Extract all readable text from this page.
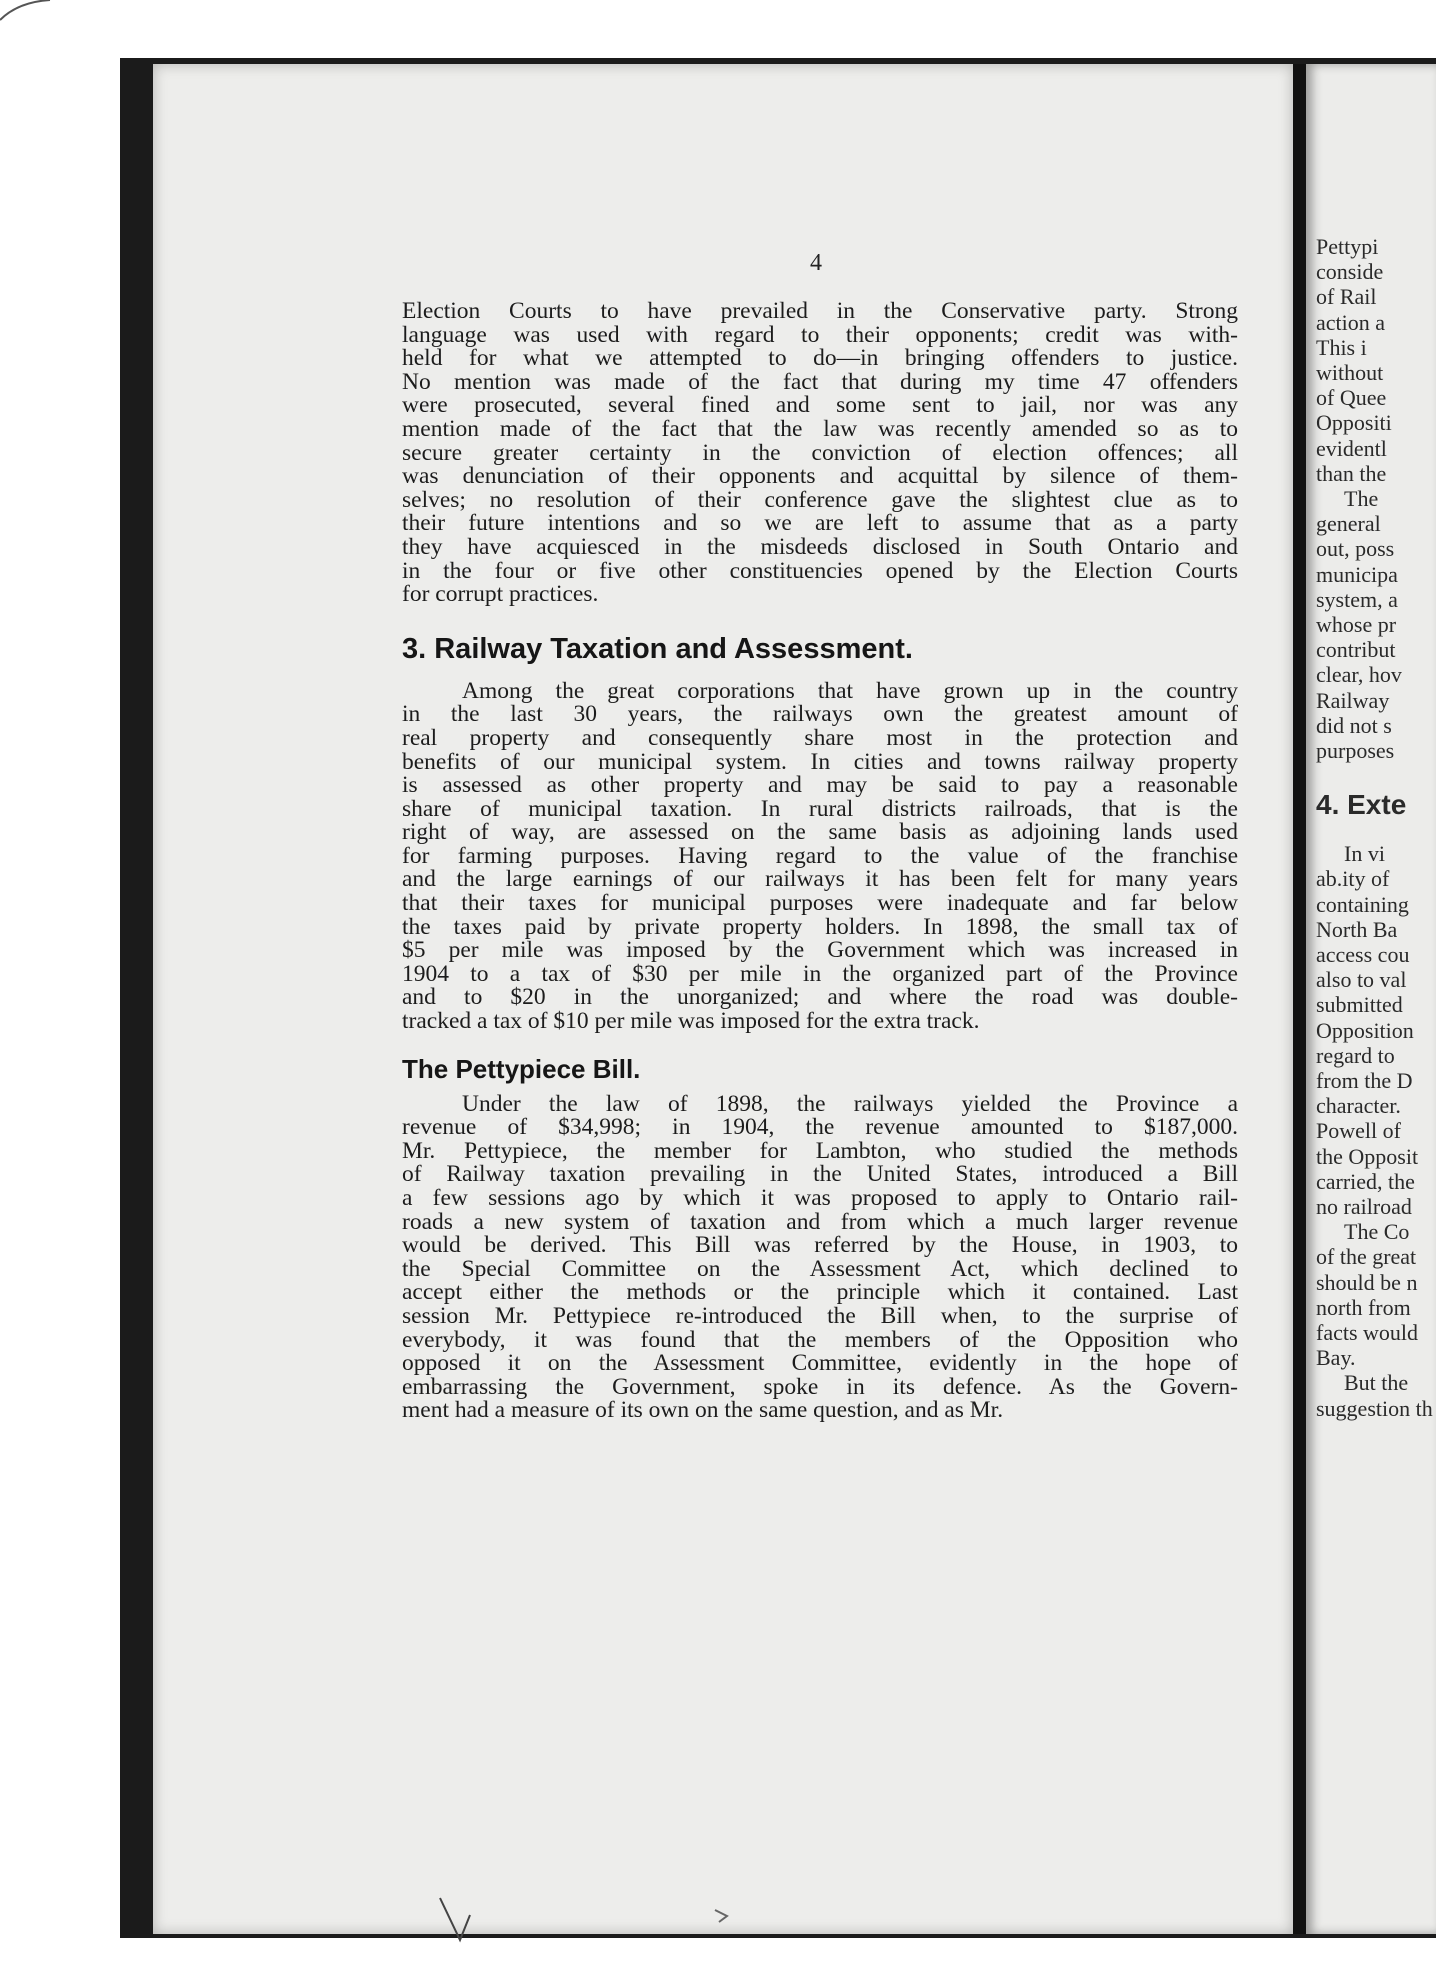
4
Election Courts to have prevailed in the Conservative party. Strong
language was used with regard to their opponents; credit was with-
held for what we attempted to do—in bringing offenders to justice.
No mention was made of the fact that during my time 47 offenders
were prosecuted, several fined and some sent to jail, nor was any
mention made of the fact that the law was recently amended so as to
secure greater certainty in the conviction of election offences; all
was denunciation of their opponents and acquittal by silence of them-
selves; no resolution of their conference gave the slightest clue as to
their future intentions and so we are left to assume that as a party
they have acquiesced in the misdeeds disclosed in South Ontario and
in the four or five other constituencies opened by the Election Courts
for corrupt practices.
3. Railway Taxation and Assessment.
Among the great corporations that have grown up in the country
in the last 30 years, the railways own the greatest amount of
real property and consequently share most in the protection and
benefits of our municipal system. In cities and towns railway property
is assessed as other property and may be said to pay a reasonable
share of municipal taxation. In rural districts railroads, that is the
right of way, are assessed on the same basis as adjoining lands used
for farming purposes. Having regard to the value of the franchise
and the large earnings of our railways it has been felt for many years
that their taxes for municipal purposes were inadequate and far below
the taxes paid by private property holders. In 1898, the small tax of
$5 per mile was imposed by the Government which was increased in
1904 to a tax of $30 per mile in the organized part of the Province
and to $20 in the unorganized; and where the road was double-
tracked a tax of $10 per mile was imposed for the extra track.
The Pettypiece Bill.
Under the law of 1898, the railways yielded the Province a
revenue of $34,998; in 1904, the revenue amounted to $187,000.
Mr. Pettypiece, the member for Lambton, who studied the methods
of Railway taxation prevailing in the United States, introduced a Bill
a few sessions ago by which it was proposed to apply to Ontario rail-
roads a new system of taxation and from which a much larger revenue
would be derived. This Bill was referred by the House, in 1903, to
the Special Committee on the Assessment Act, which declined to
accept either the methods or the principle which it contained. Last
session Mr. Pettypiece re-introduced the Bill when, to the surprise of
everybody, it was found that the members of the Opposition who
opposed it on the Assessment Committee, evidently in the hope of
embarrassing the Government, spoke in its defence. As the Govern-
ment had a measure of its own on the same question, and as Mr.
Pettypi
conside
of Rail
action a
This i
without
of Quee
Oppositi
evidentl
than the
The
general
out, poss
municipa
system, a
whose pr
contribut
clear, hov
Railway
did not s
purposes
4. Exte
In vi
ab.ity of
containing
North Ba
access cou
also to val
submitted
Opposition
regard to
from the D
character.
Powell of
the Opposit
carried, the
no railroad
The Co
of the great
should be n
north from
facts would
Bay.
But the
suggestion th
